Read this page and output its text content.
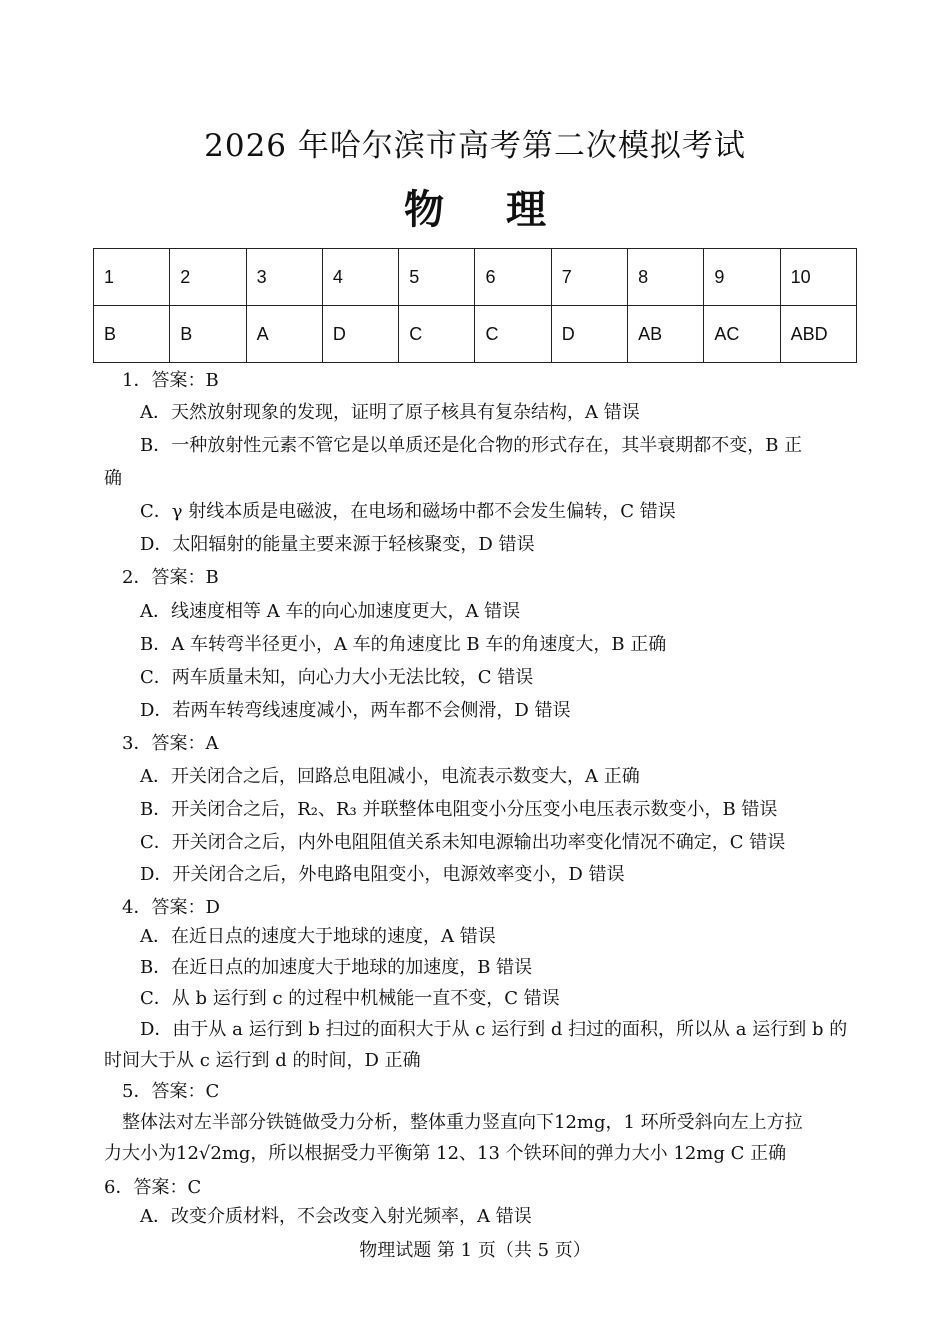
2026 年哈尔滨市高考第二次模拟考试
物 理
1	2	3	4	5	6	7	8	9	10
B	B	A	D	C	C	D	AB	AC	ABD
1．答案：B
A．天然放射现象的发现，证明了原子核具有复杂结构，A 错误
B．一种放射性元素不管它是以单质还是化合物的形式存在，其半衰期都不变，B 正
确
C．γ 射线本质是电磁波，在电场和磁场中都不会发生偏转，C 错误
D．太阳辐射的能量主要来源于轻核聚变，D 错误
2．答案：B
A．线速度相等 A 车的向心加速度更大，A 错误
B．A 车转弯半径更小，A 车的角速度比 B 车的角速度大，B 正确
C．两车质量未知，向心力大小无法比较，C 错误
D．若两车转弯线速度减小，两车都不会侧滑，D 错误
3．答案：A
A．开关闭合之后，回路总电阻减小，电流表示数变大，A 正确
B．开关闭合之后，R₂、R₃ 并联整体电阻变小分压变小电压表示数变小，B 错误
C．开关闭合之后，内外电阻阻值关系未知电源输出功率变化情况不确定，C 错误
D．开关闭合之后，外电路电阻变小，电源效率变小，D 错误
4．答案：D
A．在近日点的速度大于地球的速度，A 错误
B．在近日点的加速度大于地球的加速度，B 错误
C．从 b 运行到 c 的过程中机械能一直不变，C 错误
D．由于从 a 运行到 b 扫过的面积大于从 c 运行到 d 扫过的面积，所以从 a 运行到 b 的
时间大于从 c 运行到 d 的时间，D 正确
5．答案：C
整体法对左半部分铁链做受力分析，整体重力竖直向下12mg，1 环所受斜向左上方拉
力大小为12√2mg，所以根据受力平衡第 12、13 个铁环间的弹力大小 12mg C 正确
6．答案：C
A．改变介质材料，不会改变入射光频率，A 错误
物理试题 第 1 页（共 5 页）
